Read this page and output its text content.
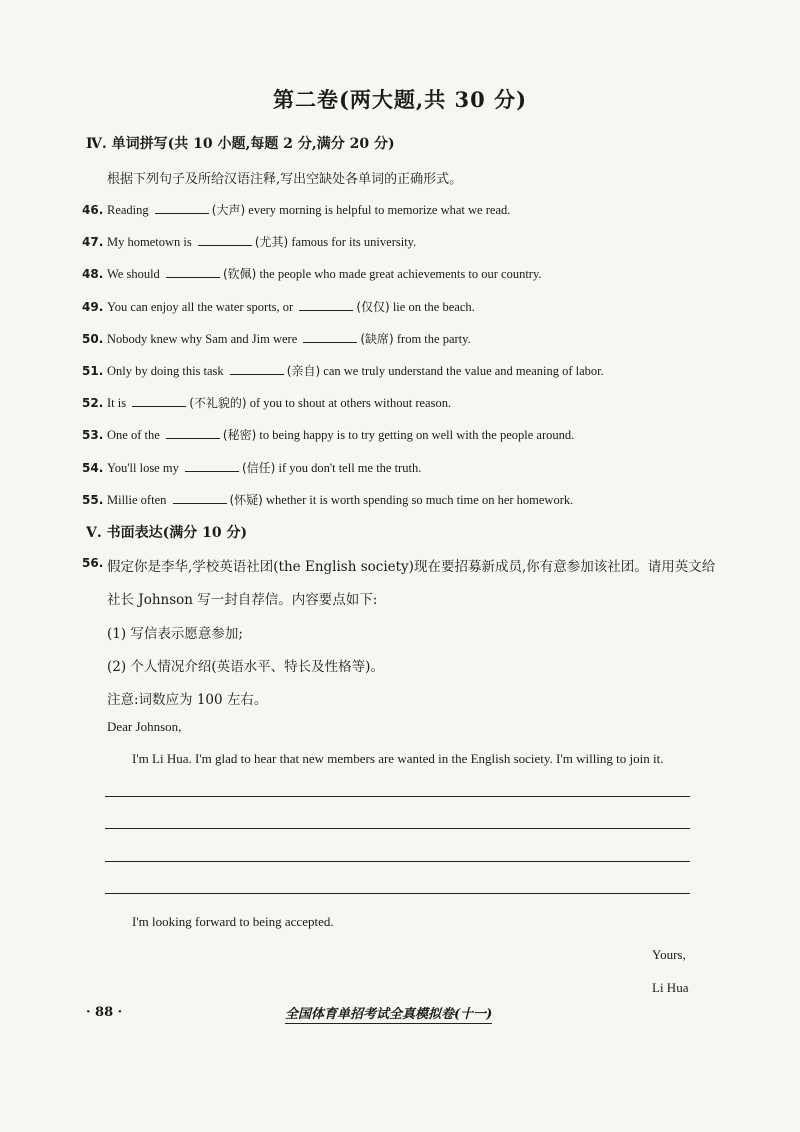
第二卷(两大题,共 30 分)
Ⅳ. 单词拼写(共 10 小题,每题 2 分,满分 20 分)
根据下列句子及所给汉语注释,写出空缺处各单词的正确形式。
46. Reading	(大声) every morning is helpful to memorize what we read.
47. My hometown is	(尤其) famous for its university.
48. We should	(钦佩) the people who made great achievements to our country.
49. You can enjoy all the water sports, or	(仅仅) lie on the beach.
50. Nobody knew why Sam and Jim were	(缺席) from the party.
51. Only by doing this task	(亲自) can we truly understand the value and meaning of labor.
52. It is	(不礼貌的) of you to shout at others without reason.
53. One of the	(秘密) to being happy is to try getting on well with the people around.
54. You'll lose my	(信任) if you don't tell me the truth.
55. Millie often	(怀疑) whether it is worth spending so much time on her homework.
Ⅴ. 书面表达(满分 10 分)
56. 假定你是李华,学校英语社团(the English society)现在要招募新成员,你有意参加该社团。请用英文给
社长 Johnson 写一封自荐信。内容要点如下:
(1) 写信表示愿意参加;
(2) 个人情况介绍(英语水平、特长及性格等)。
注意:词数应为 100 左右。
Dear Johnson,
I'm Li Hua. I'm glad to hear that new members are wanted in the English society. I'm willing to join it.
I'm looking forward to being accepted.
Yours,
Li Hua
· 88 ·	全国体育单招考试全真模拟卷(十一)
